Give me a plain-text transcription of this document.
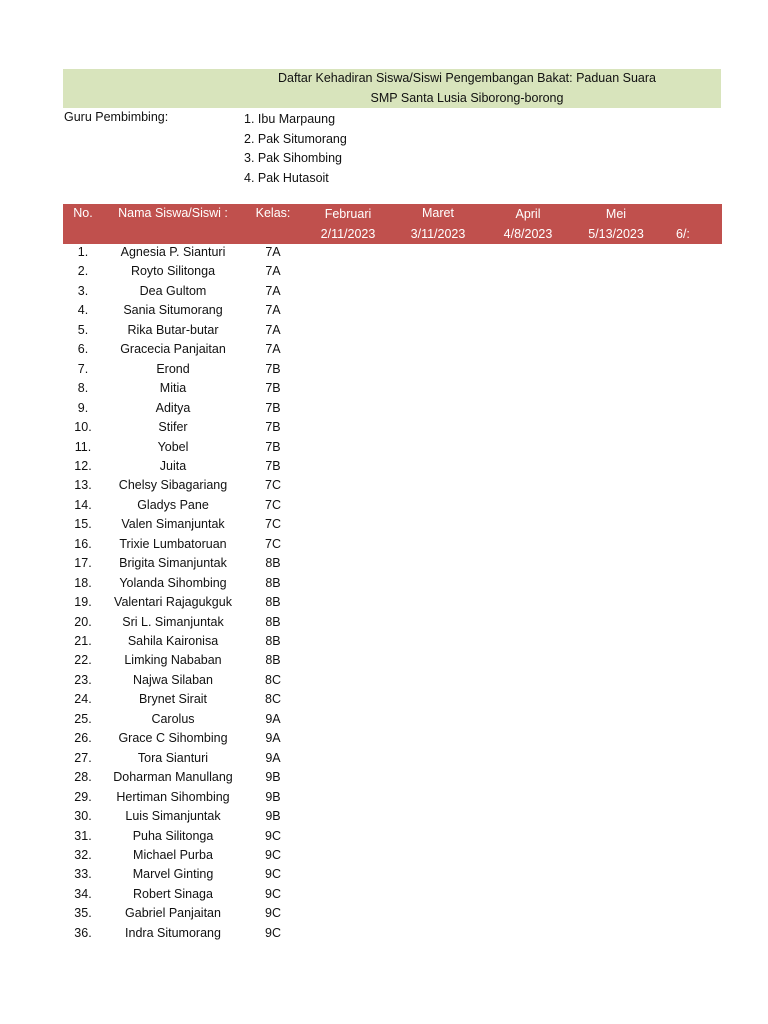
Daftar Kehadiran Siswa/Siswi Pengembangan Bakat: Paduan Suara
SMP Santa Lusia Siborong-borong
Guru Pembimbing:	1. Ibu Marpaung
2. Pak Situmorang
3. Pak Sihombing
4. Pak Hutasoit
No.	Nama Siswa/Siswi :	Kelas:	Februari	Maret	April	Mei
2/11/2023	3/11/2023	4/8/2023	5/13/2023	6/:
1.	Agnesia P. Sianturi	7A
2.	Royto Silitonga	7A
3.	Dea Gultom	7A
4.	Sania Situmorang	7A
5.	Rika Butar-butar	7A
6.	Gracecia Panjaitan	7A
7.	Erond	7B
8.	Mitia	7B
9.	Aditya	7B
10.	Stifer	7B
11.	Yobel	7B
12.	Juita	7B
13.	Chelsy Sibagariang	7C
14.	Gladys Pane	7C
15.	Valen Simanjuntak	7C
16.	Trixie Lumbatoruan	7C
17.	Brigita Simanjuntak	8B
18.	Yolanda Sihombing	8B
19.	Valentari Rajagukguk	8B
20.	Sri L. Simanjuntak	8B
21.	Sahila Kaironisa	8B
22.	Limking Nababan	8B
23.	Najwa Silaban	8C
24.	Brynet Sirait	8C
25.	Carolus	9A
26.	Grace C Sihombing	9A
27.	Tora Sianturi	9A
28.	Doharman Manullang	9B
29.	Hertiman Sihombing	9B
30.	Luis Simanjuntak	9B
31.	Puha Silitonga	9C
32.	Michael Purba	9C
33.	Marvel Ginting	9C
34.	Robert Sinaga	9C
35.	Gabriel Panjaitan	9C
36.	Indra Situmorang	9C
